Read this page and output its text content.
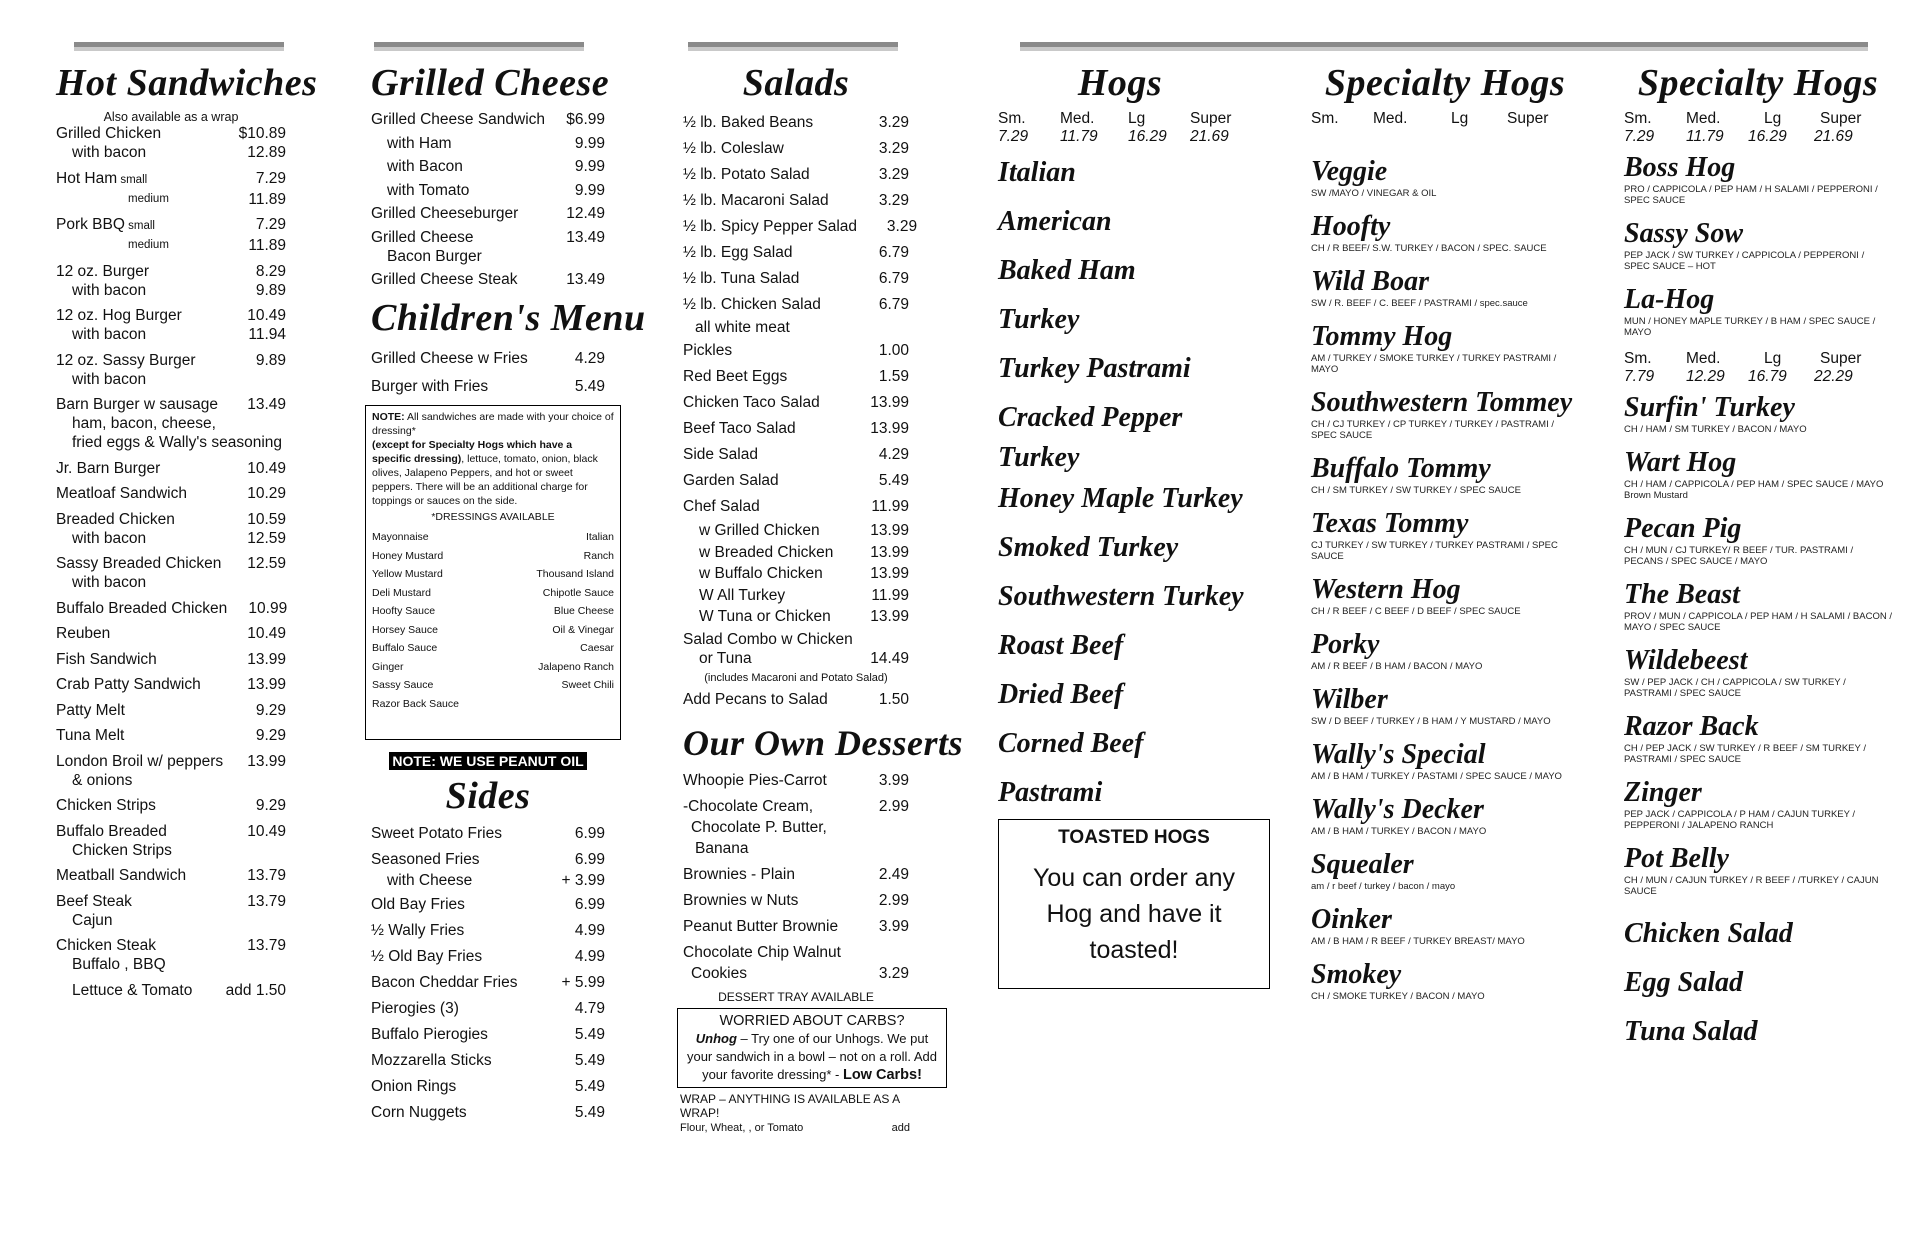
Hot Sandwiches
Also available as a wrap
Grilled Chicken	$10.89
with bacon	12.89
Hot Ham small	7.29
medium	11.89
Pork BBQ small	7.29
medium	11.89
12 oz. Burger	8.29
with bacon	9.89
12 oz. Hog Burger	10.49
with bacon	11.94
12 oz. Sassy Burger	9.89
with bacon
Barn Burger w sausage	13.49
ham, bacon, cheese,
fried eggs & Wally's seasoning
Jr. Barn Burger	10.49
Meatloaf Sandwich	10.29
Breaded Chicken	10.59
with bacon	12.59
Sassy Breaded Chicken	12.59
with bacon
Buffalo Breaded Chicken	10.99
Reuben	10.49
Fish Sandwich	13.99
Crab Patty Sandwich	13.99
Patty Melt	9.29
Tuna Melt	9.29
London Broil w/ peppers	13.99
& onions
Chicken Strips	9.29
Buffalo Breaded	10.49
Chicken Strips
Meatball Sandwich	13.79
Beef Steak	13.79
Cajun
Chicken Steak	13.79
Buffalo , BBQ
Lettuce & Tomato	add 1.50
Grilled Cheese
Grilled Cheese Sandwich	$6.99
with Ham	9.99
with Bacon	9.99
with Tomato	9.99
Grilled Cheeseburger	12.49
Grilled Cheese	13.49
Bacon Burger
Grilled Cheese Steak	13.49
Children's Menu
Grilled Cheese w Fries	4.29
Burger with Fries	5.49
NOTE: All sandwiches are made with your choice of dressing*
(except for Specialty Hogs which have a specific dressing), lettuce, tomato, onion, black olives, Jalapeno Peppers, and hot or sweet peppers. There will be an additional charge for toppings or sauces on the side.
*DRESSINGS AVAILABLE
Mayonnaise	Italian
Honey Mustard	Ranch
Yellow Mustard	Thousand Island
Deli Mustard	Chipotle Sauce
Hoofty Sauce	Blue Cheese
Horsey Sauce	Oil & Vinegar
Buffalo Sauce	Caesar
Ginger	Jalapeno Ranch
Sassy Sauce	Sweet Chili
Razor Back Sauce
NOTE: WE USE PEANUT OIL
Sides
Sweet Potato Fries	6.99
Seasoned Fries	6.99
with Cheese	+ 3.99
Old Bay Fries	6.99
½ Wally Fries	4.99
½ Old Bay Fries	4.99
Bacon Cheddar Fries	+ 5.99
Pierogies (3)	4.79
Buffalo Pierogies	5.49
Mozzarella Sticks	5.49
Onion Rings	5.49
Corn Nuggets	5.49
Salads
½ lb. Baked Beans	3.29
½ lb. Coleslaw	3.29
½ lb. Potato Salad	3.29
½ lb. Macaroni Salad	3.29
½ lb. Spicy Pepper Salad	3.29
½ lb. Egg Salad	6.79
½ lb. Tuna Salad	6.79
½ lb. Chicken Salad	6.79
all white meat
Pickles	1.00
Red Beet Eggs	1.59
Chicken Taco Salad	13.99
Beef Taco Salad	13.99
Side Salad	4.29
Garden Salad	5.49
Chef Salad	11.99
w Grilled Chicken	13.99
w Breaded Chicken	13.99
w Buffalo Chicken	13.99
W All Turkey	11.99
W Tuna or Chicken	13.99
Salad Combo w Chicken
or Tuna	14.49
(includes Macaroni and Potato Salad)
Add Pecans to Salad	1.50
Our Own Desserts
Whoopie Pies-Carrot	3.99
-Chocolate Cream,	2.99
Chocolate P. Butter,
Banana
Brownies - Plain	2.49
Brownies w Nuts	2.99
Peanut Butter Brownie	3.99
Chocolate Chip Walnut
Cookies	3.29
DESSERT TRAY AVAILABLE
WORRIED ABOUT CARBS?
Unhog – Try one of our Unhogs. We put your sandwich in a bowl – not on a roll. Add your favorite dressing* - Low Carbs!
WRAP – ANYTHING IS AVAILABLE AS A WRAP!
Flour, Wheat, , or Tomato	add
Hogs
Sm.	Med.	Lg	Super
7.29	11.79	16.29	21.69
Italian
American
Baked Ham
Turkey
Turkey Pastrami
Cracked Pepper
Turkey
Honey Maple Turkey
Smoked Turkey
Southwestern Turkey
Roast Beef
Dried Beef
Corned Beef
Pastrami
TOASTED HOGS
You can order any Hog and have it toasted!
Specialty Hogs
Sm.	Med.	Lg	Super
Veggie
SW /MAYO / VINEGAR & OIL
Hoofty
CH / R BEEF/ S.W. TURKEY / BACON / SPEC. SAUCE
Wild Boar
SW / R. BEEF / C. BEEF / PASTRAMI / spec.sauce
Tommy Hog
AM / TURKEY / SMOKE TURKEY / TURKEY PASTRAMI / MAYO
Southwestern Tommey
CH / CJ TURKEY / CP TURKEY / TURKEY / PASTRAMI / SPEC SAUCE
Buffalo Tommy
CH / SM TURKEY / SW TURKEY / SPEC SAUCE
Texas Tommy
CJ TURKEY / SW TURKEY / TURKEY PASTRAMI / SPEC SAUCE
Western Hog
CH / R BEEF / C BEEF / D BEEF / SPEC SAUCE
Porky
AM / R BEEF / B HAM / BACON / MAYO
Wilber
SW / D BEEF / TURKEY / B HAM / Y MUSTARD / MAYO
Wally's Special
AM / B HAM / TURKEY / PASTAMI / SPEC SAUCE / MAYO
Wally's Decker
AM / B HAM / TURKEY / BACON / MAYO
Squealer
am / r beef / turkey / bacon / mayo
Oinker
AM / B HAM / R BEEF / TURKEY BREAST/ MAYO
Smokey
CH / SMOKE TURKEY / BACON / MAYO
Specialty Hogs
Sm.	Med.	Lg	Super
7.29	11.79	16.29	21.69
Boss Hog
PRO / CAPPICOLA / PEP HAM / H SALAMI / PEPPERONI / SPEC SAUCE
Sassy Sow
PEP JACK / SW TURKEY / CAPPICOLA / PEPPERONI / SPEC SAUCE – HOT
La-Hog
MUN / HONEY MAPLE TURKEY / B HAM / SPEC SAUCE / MAYO
Sm.	Med.	Lg	Super
7.79	12.29	16.79	22.29
Surfin' Turkey
CH / HAM / SM TURKEY / BACON / MAYO
Wart Hog
CH / HAM / CAPPICOLA / PEP HAM / SPEC SAUCE / MAYO Brown Mustard
Pecan Pig
CH / MUN / CJ TURKEY/ R BEEF / TUR. PASTRAMI / PECANS / SPEC SAUCE / MAYO
The Beast
PROV / MUN / CAPPICOLA / PEP HAM / H SALAMI / BACON / MAYO / SPEC SAUCE
Wildebeest
SW / PEP JACK / CH / CAPPICOLA / SW TURKEY / PASTRAMI / SPEC SAUCE
Razor Back
CH / PEP JACK / SW TURKEY / R BEEF / SM TURKEY / PASTRAMI / SPEC SAUCE
Zinger
PEP JACK / CAPPICOLA / P HAM / CAJUN TURKEY / PEPPERONI / JALAPENO RANCH
Pot Belly
CH / MUN / CAJUN TURKEY / R BEEF / /TURKEY / CAJUN SAUCE
Chicken Salad
Egg Salad
Tuna Salad
